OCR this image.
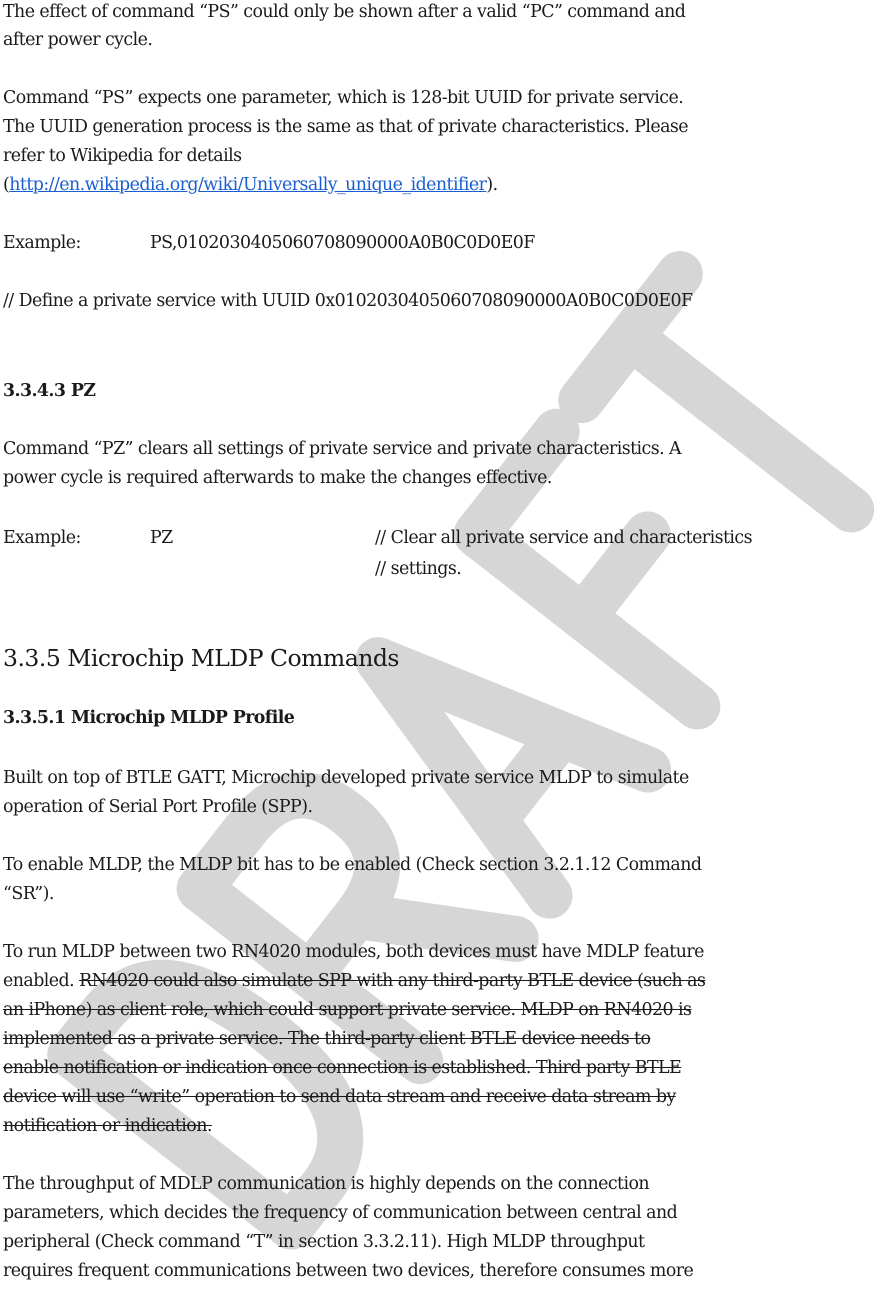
The effect of command “PS” could only be shown after a valid “PC” command and
after power cycle.
Command “PS” expects one parameter, which is 128-bit UUID for private service.
The UUID generation process is the same as that of private characteristics. Please
refer to Wikipedia for details
(http://en.wikipedia.org/wiki/Universally_unique_identifier).
Example:	PS,0102030405060708090000A0B0C0D0E0F
// Define a private service with UUID 0x0102030405060708090000A0B0C0D0E0F
3.3.4.3 PZ
Command “PZ” clears all settings of private service and private characteristics. A
power cycle is required afterwards to make the changes effective.
Example:	PZ	// Clear all private service and characteristics
// settings.
3.3.5 Microchip MLDP Commands
3.3.5.1 Microchip MLDP Profile
Built on top of BTLE GATT, Microchip developed private service MLDP to simulate
operation of Serial Port Profile (SPP).
To enable MLDP, the MLDP bit has to be enabled (Check section 3.2.1.12 Command
“SR”).
To run MLDP between two RN4020 modules, both devices must have MDLP feature
enabled. RN4020 could also simulate SPP with any third-party BTLE device (such as
an iPhone) as client role, which could support private service. MLDP on RN4020 is
implemented as a private service. The third-party client BTLE device needs to
enable notification or indication once connection is established. Third party BTLE
device will use “write” operation to send data stream and receive data stream by
notification or indication.
The throughput of MDLP communication is highly depends on the connection
parameters, which decides the frequency of communication between central and
peripheral (Check command “T” in section 3.3.2.11). High MLDP throughput
requires frequent communications between two devices, therefore consumes more
